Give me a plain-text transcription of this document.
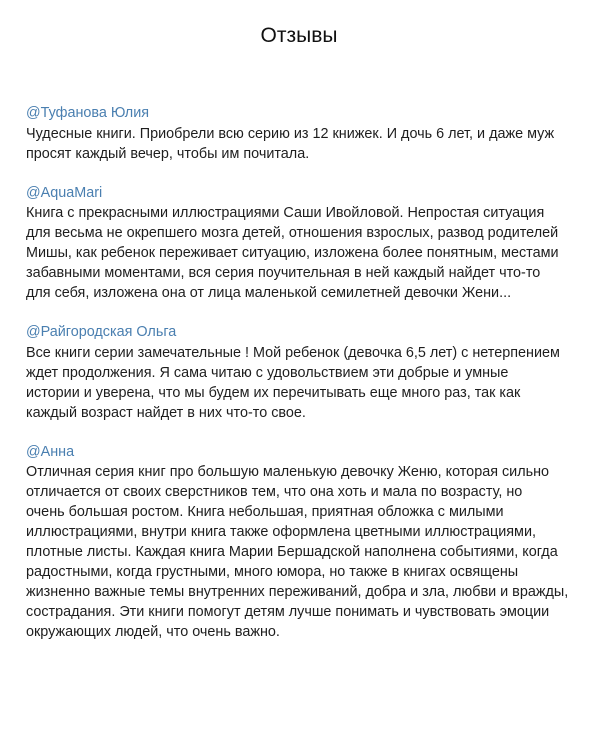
Отзывы
@Туфанова Юлия

Чудесные книги. Приобрели всю серию из 12 книжек. И дочь 6 лет, и даже муж
просят каждый вечер, чтобы им почитала.

@AquaMari

Книга с прекрасными иллюстрациями Саши Ивойловой. Непростая ситуация
для весьма не окрепшего мозга детей, отношения взрослых, развод родителей
Мишы, как ребенок переживает ситуацию, изложена более понятным, местами
забавными моментами, вся серия поучительная в ней каждый найдет что-то
для себя, изложена она от лица маленькой семилетней девочки Жени...

@Райгородская Ольга

Все книги серии замечательные ! Мой ребенок (девочка 6,5 лет) с нетерпением
ждет продолжения. Я сама читаю с удовольствием эти добрые и умные
истории и уверена, что мы будем их перечитывать еще много раз, так как
каждый возраст найдет в них что-то свое.

@Анна

Отличная серия книг про большую маленькую девочку Женю, которая сильно
отличается от своих сверстников тем, что она хоть и мала по возрасту, но
очень большая ростом. Книга небольшая, приятная обложка с милыми
иллюстрациями, внутри книга также оформлена цветными иллюстрациями,
плотные листы. Каждая книга Марии Бершадской наполнена событиями, когда
радостными, когда грустными, много юмора, но также в книгах освящены
жизненно важные темы внутренних переживаний, добра и зла, любви и вражды,
сострадания. Эти книги помогут детям лучше понимать и чувствовать эмоции
окружающих людей, что очень важно.
